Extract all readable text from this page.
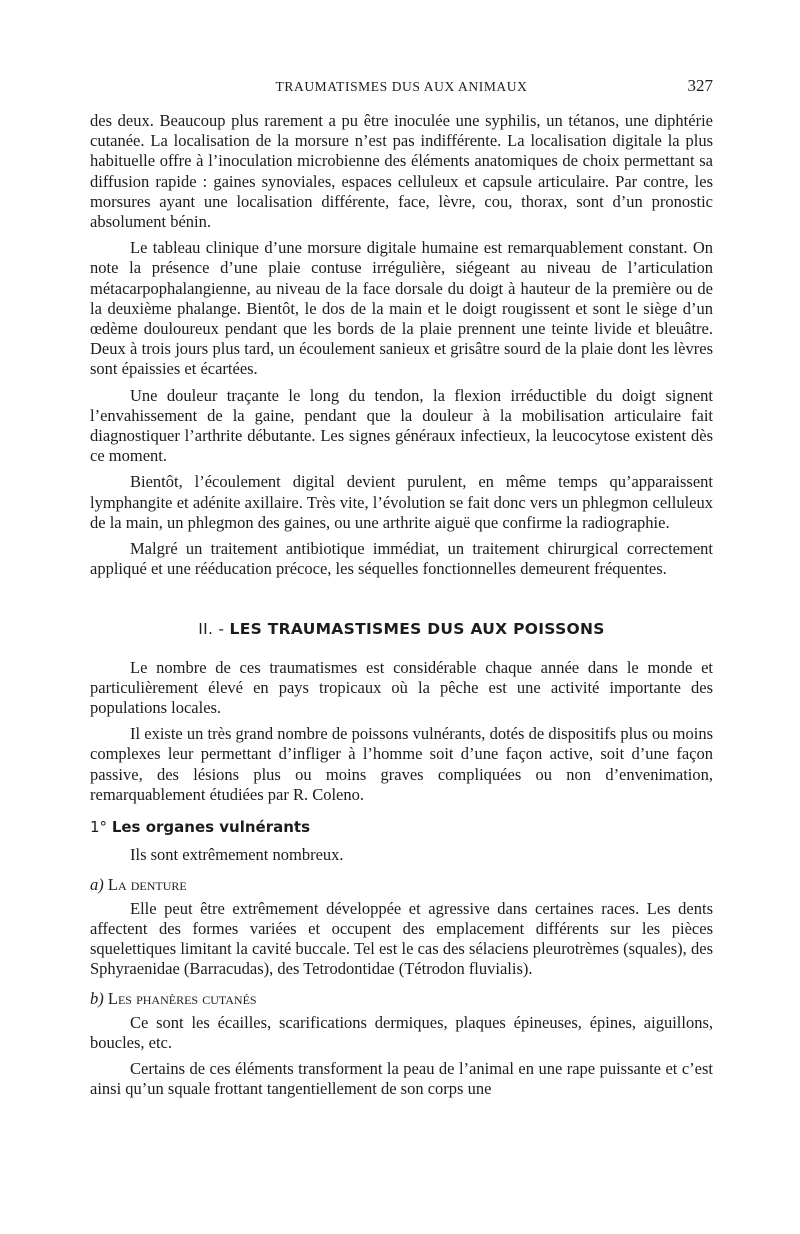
TRAUMATISMES DUS AUX ANIMAUX	327

des deux. Beaucoup plus rarement a pu être inoculée une syphilis, un tétanos, une diphtérie cutanée. La localisation de la morsure n’est pas indifférente. La localisation digitale la plus habituelle offre à l’inoculation microbienne des éléments anatomiques de choix permettant sa diffusion rapide : gaines synoviales, espaces celluleux et capsule articulaire. Par contre, les morsures ayant une localisation différente, face, lèvre, cou, thorax, sont d’un pronostic absolument bénin.

Le tableau clinique d’une morsure digitale humaine est remarquablement constant. On note la présence d’une plaie contuse irrégulière, siégeant au niveau de l’articulation métacarpophalangienne, au niveau de la face dorsale du doigt à hauteur de la première ou de la deuxième phalange. Bientôt, le dos de la main et le doigt rougissent et sont le siège d’un œdème douloureux pendant que les bords de la plaie prennent une teinte livide et bleuâtre. Deux à trois jours plus tard, un écoulement sanieux et grisâtre sourd de la plaie dont les lèvres sont épaissies et écartées.

Une douleur traçante le long du tendon, la flexion irréductible du doigt signent l’envahissement de la gaine, pendant que la douleur à la mobilisation articulaire fait diagnostiquer l’arthrite débutante. Les signes généraux infectieux, la leucocytose existent dès ce moment.

Bientôt, l’écoulement digital devient purulent, en même temps qu’apparaissent lymphangite et adénite axillaire. Très vite, l’évolution se fait donc vers un phlegmon celluleux de la main, un phlegmon des gaines, ou une arthrite aiguë que confirme la radiographie.

Malgré un traitement antibiotique immédiat, un traitement chirurgical correctement appliqué et une rééducation précoce, les séquelles fonctionnelles demeurent fréquentes.

II. - LES TRAUMASTISMES DUS AUX POISSONS

Le nombre de ces traumatismes est considérable chaque année dans le monde et particulièrement élevé en pays tropicaux où la pêche est une activité importante des populations locales.

Il existe un très grand nombre de poissons vulnérants, dotés de dispositifs plus ou moins complexes leur permettant d’infliger à l’homme soit d’une façon active, soit d’une façon passive, des lésions plus ou moins graves compliquées ou non d’envenimation, remarquablement étudiées par R. Coleno.

1° Les organes vulnérants

Ils sont extrêmement nombreux.

a) La denture

Elle peut être extrêmement développée et agressive dans certaines races. Les dents affectent des formes variées et occupent des emplacement différents sur les pièces squelettiques limitant la cavité buccale. Tel est le cas des sélaciens pleurotrèmes (squales), des Sphyraenidae (Barracudas), des Tetrodontidae (Tétrodon fluvialis).

b) Les phanères cutanés

Ce sont les écailles, scarifications dermiques, plaques épineuses, épines, aiguillons, boucles, etc.

Certains de ces éléments transforment la peau de l’animal en une rape puissante et c’est ainsi qu’un squale frottant tangentiellement de son corps une
